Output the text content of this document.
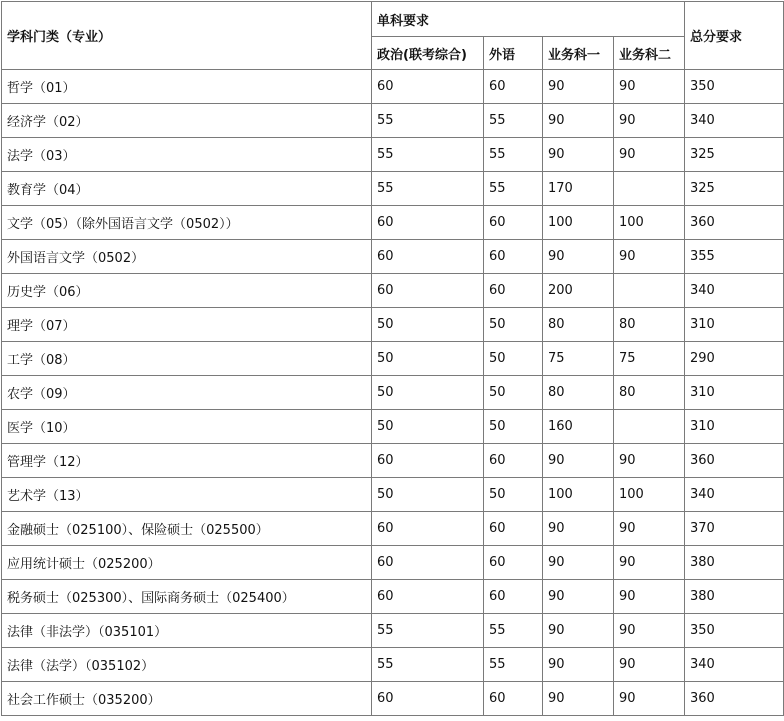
学科门类（专业）	单科要求				总分要求
	政治(联考综合)	外语	业务科一	业务科二	
哲学（01）	60	60	90	90	350
经济学（02）	55	55	90	90	340
法学（03）	55	55	90	90	325
教育学（04）	55	55	170		325
文学（05）（除外国语言文学（0502））	60	60	100	100	360
外国语言文学（0502）	60	60	90	90	355
历史学（06）	60	60	200		340
理学（07）	50	50	80	80	310
工学（08）	50	50	75	75	290
农学（09）	50	50	80	80	310
医学（10）	50	50	160		310
管理学（12）	60	60	90	90	360
艺术学（13）	50	50	100	100	340
金融硕士（025100）、保险硕士（025500）	60	60	90	90	370
应用统计硕士（025200）	60	60	90	90	380
税务硕士（025300）、国际商务硕士（025400）	60	60	90	90	380
法律（非法学）（035101）	55	55	90	90	350
法律（法学）（035102）	55	55	90	90	340
社会工作硕士（035200）	60	60	90	90	360
